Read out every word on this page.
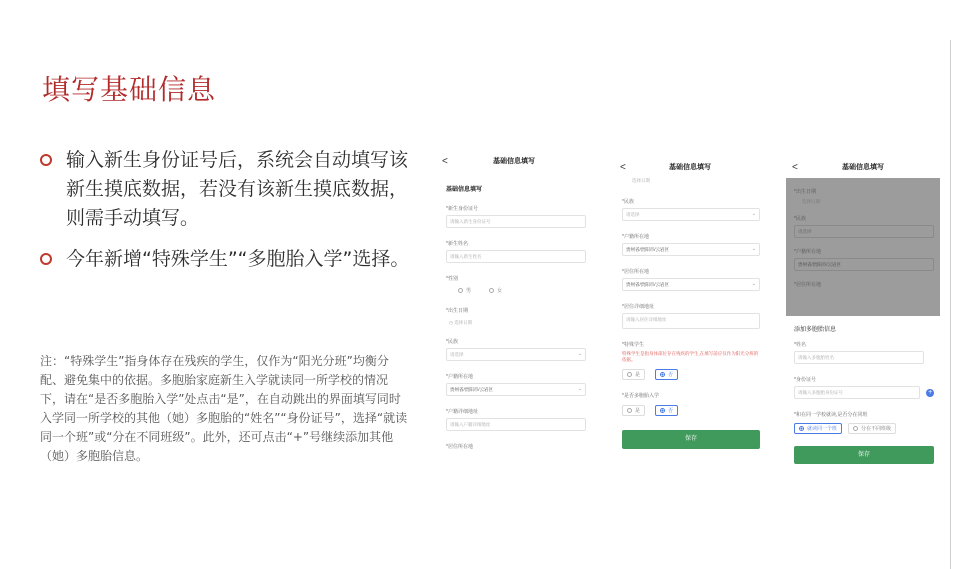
填写基础信息
输入新生身份证号后，系统会自动填写该新生摸底数据，若没有该新生摸底数据，则需手动填写。
今年新增“特殊学生”“多胞胎入学”选择。
注：“特殊学生”指身体存在残疾的学生，仅作为“阳光分班”均衡分配、避免集中的依据。多胞胎家庭新生入学就读同一所学校的情况下，请在“是否多胞胎入学”处点击“是”，在自动跳出的界面填写同时入学同一所学校的其他（她）多胞胎的“姓名”“身份证号”，选择“就读同一个班”或“分在不同班级”。此外，还可点击“+”号继续添加其他（她）多胞胎信息。
<	基础信息填写
基础信息填写
*新生身份证号
请输入新生身份证号
*新生姓名
请输入新生姓名
*性别
男	女
*出生日期
◷ 选择日期
*民族
请选择	⌄
*户籍所在地
贵州省/贵阳市/云岩区	⌄
*户籍详细地址
请输入户籍详细地址
*居住所在地
<	基础信息填写
选择日期
*民族
请选择	⌄
*户籍所在地
贵州省/贵阳市/云岩区	⌄
*居住所在地
贵州省/贵阳市/云岩区	⌄
*居住详细地址
请输入居住详细地址
*特殊学生
特殊学生是指身体部位存在残疾的学生,在填写前应仅作为阳光分班的依据。
是	否
*是否多胞胎入学
是	否
保存
<	基础信息填写
*出生日期
选择日期
*民族
请选择
*户籍所在地
贵州省/贵阳市/云岩区
*居住所在地
添加多胞胎信息
*姓名
请输入多胞胎姓名
*身份证号
请输入多胞胎身份证号	+
*和在同一学校就读,是否分在同班
就读同一个班	分在不同班级
保存
